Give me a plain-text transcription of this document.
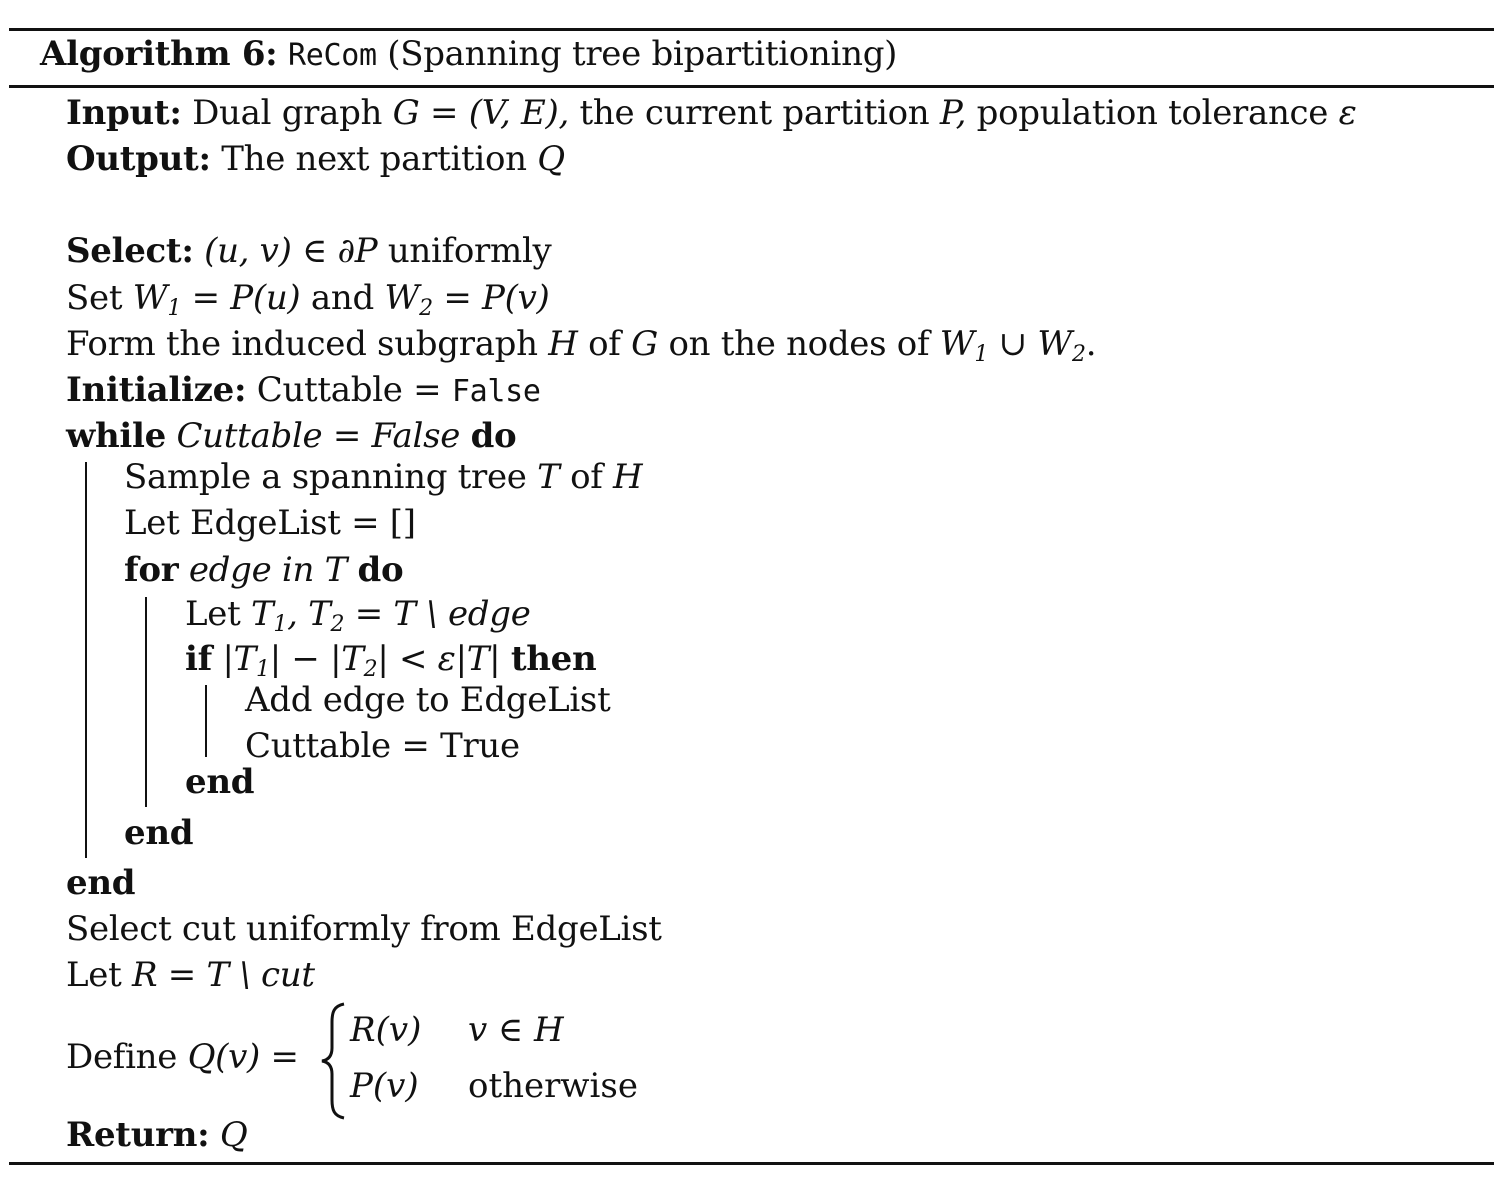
Algorithm 6: ReCom (Spanning tree bipartitioning)
Input: Dual graph G = (V, E), the current partition P, population tolerance ε
Output: The next partition Q
Select: (u, v) ∈ ∂P uniformly
Set $W_1 = P(u)$ and $W_2 = P(v)$
Form the induced subgraph H of G on the nodes of $W_1$ ∪ $W_2$.
Initialize: Cuttable = False
while Cuttable = False do
Sample a spanning tree T of H
Let EdgeList = []
for edge in T do
Let $T_1$, $T_2 = T$ \ edge
if $|T_1| - |T_2| < \varepsilon|T|$ then
Add edge to EdgeList
Cuttable = True
end
end
end
Select cut uniformly from EdgeList
Let R = T \ cut
Define Q(v) =
R(v) v ∈ H
P(v) otherwise
Return: Q
